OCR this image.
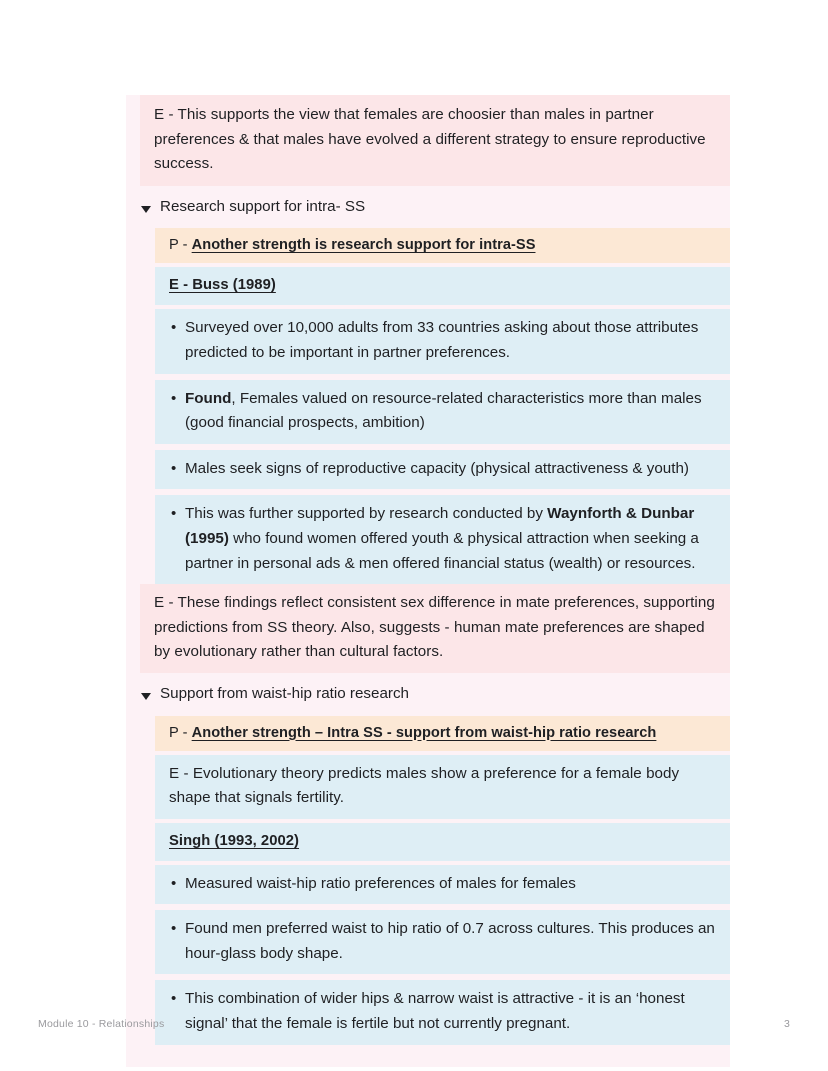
E - This supports the view that females are choosier than males in partner preferences & that males have evolved a different strategy to ensure reproductive success.
Research support for intra- SS
P - Another strength is research support for intra-SS
E - Buss (1989)
• Surveyed over 10,000 adults from 33 countries asking about those attributes predicted to be important in partner preferences.
• Found, Females valued on resource-related characteristics more than males (good financial prospects, ambition)
• Males seek signs of reproductive capacity (physical attractiveness & youth)
• This was further supported by research conducted by Waynforth & Dunbar (1995) who found women offered youth & physical attraction when seeking a partner in personal ads & men offered financial status (wealth) or resources.
E - These findings reflect consistent sex difference in mate preferences, supporting predictions from SS theory. Also, suggests - human mate preferences are shaped by evolutionary rather than cultural factors.
Support from waist-hip ratio research
P - Another strength – Intra SS - support from waist-hip ratio research
E - Evolutionary theory predicts males show a preference for a female body shape that signals fertility.
Singh (1993, 2002)
• Measured waist-hip ratio preferences of males for females
• Found men preferred waist to hip ratio of 0.7 across cultures. This produces an hour-glass body shape.
• This combination of wider hips & narrow waist is attractive - it is an ‘honest signal’ that the female is fertile but not currently pregnant.
Module 10 - Relationships	3
